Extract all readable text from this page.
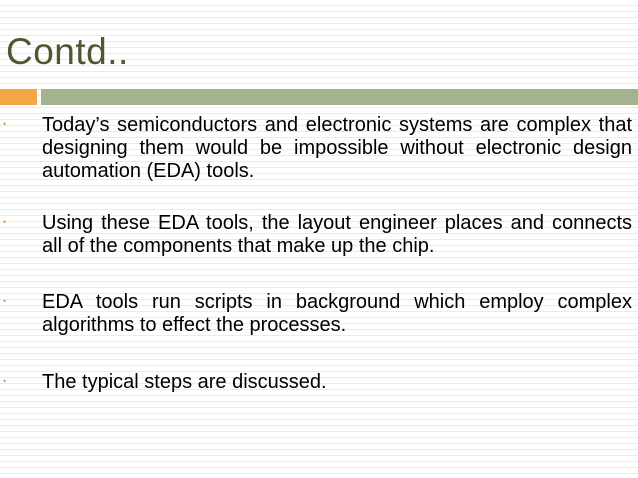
Contd..
• Today’s semiconductors and electronic systems are complex that designing them would be impossible without electronic design automation (EDA) tools.
• Using these EDA tools, the layout engineer places and connects all of the components that make up the chip.
• EDA tools run scripts in background which employ complex algorithms to effect the processes.
• The typical steps are discussed.
